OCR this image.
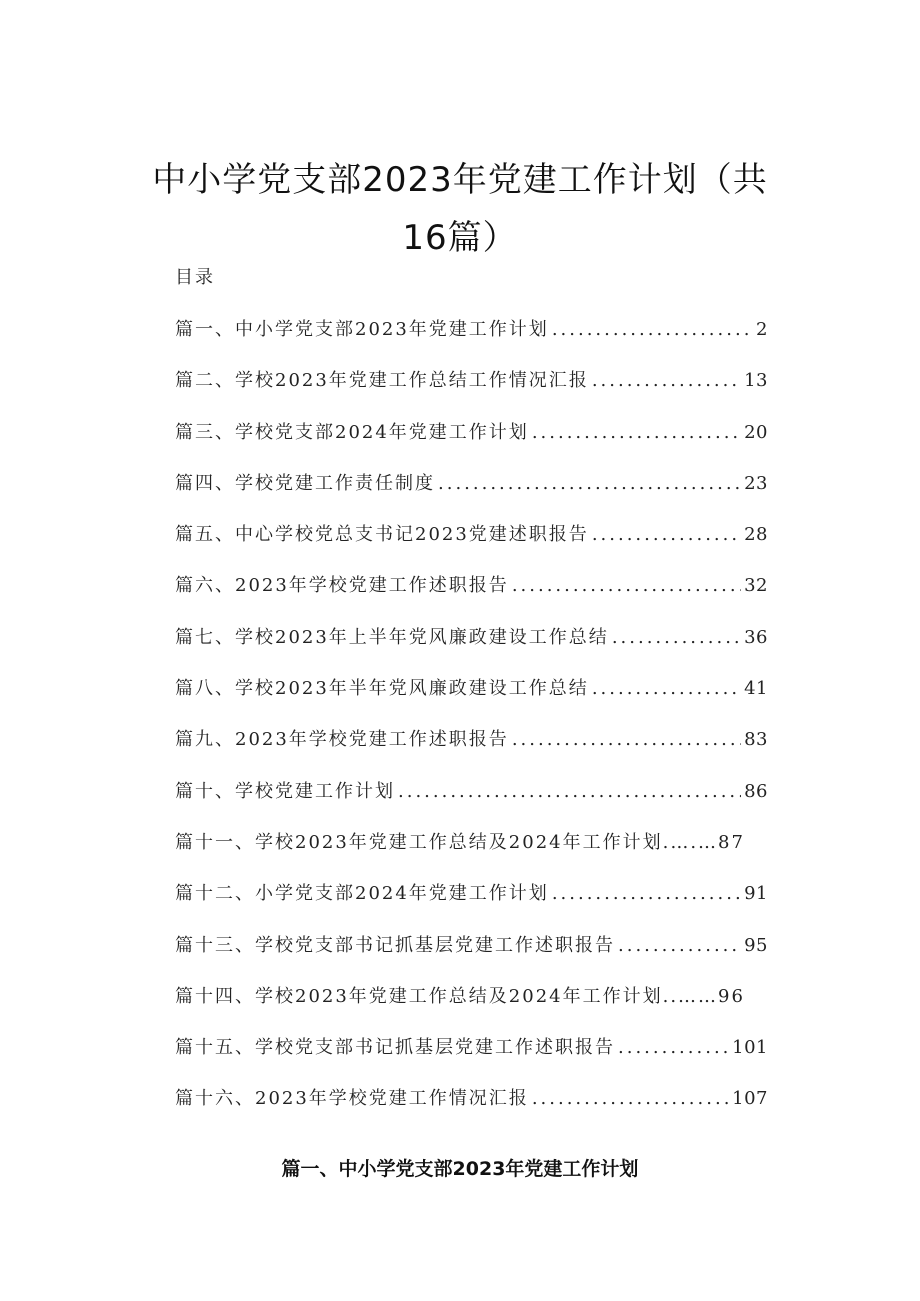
中小学党支部2023年党建工作计划（共16篇）
目录
篇一、中小学党支部2023年党建工作计划 .....	2
篇二、学校2023年党建工作总结工作情况汇报 .....	13
篇三、学校党支部2024年党建工作计划 .....	20
篇四、学校党建工作责任制度 .....	23
篇五、中心学校党总支书记2023党建述职报告 .....	28
篇六、2023年学校党建工作述职报告 .....	32
篇七、学校2023年上半年党风廉政建设工作总结 .....	36
篇八、学校2023年半年党风廉政建设工作总结 .....	41
篇九、2023年学校党建工作述职报告 .....	83
篇十、学校党建工作计划 .....	86
篇十一、学校2023年党建工作总结及2024年工作计划.….…87
篇十二、小学党支部2024年党建工作计划 .....	91
篇十三、学校党支部书记抓基层党建工作述职报告 .....	95
篇十四、学校2023年党建工作总结及2024年工作计划..……96
篇十五、学校党支部书记抓基层党建工作述职报告 .....	101
篇十六、2023年学校党建工作情况汇报 .....	107
篇一、中小学党支部2023年党建工作计划
